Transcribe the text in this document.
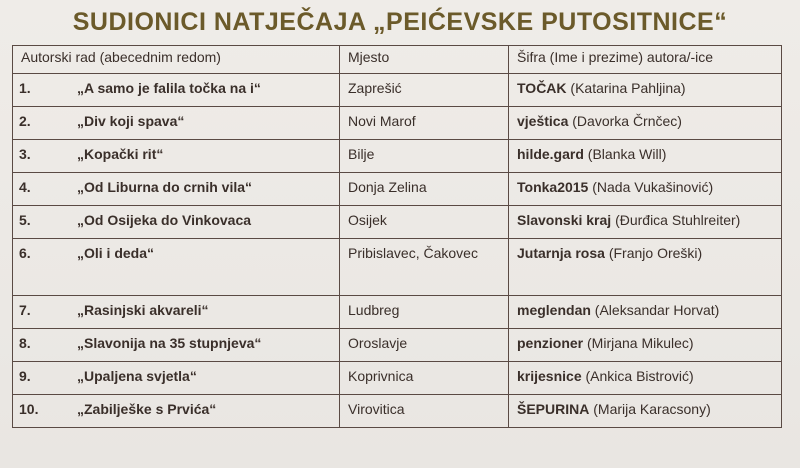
SUDIONICI NATJEČAJA „PEIĆEVSKE PUTOSITNICE“
Autorski rad (abecednim redom)	Mjesto	Šifra (Ime i prezime) autora/-ice
1. „A samo je falila točka na i“	Zaprešić	TOČAK (Katarina Pahljina)
2. „Div koji spava“	Novi Marof	vještica (Davorka Črnčec)
3. „Kopački rit“	Bilje	hilde.gard (Blanka Will)
4. „Od Liburna do crnih vila“	Donja Zelina	Tonka2015 (Nada Vukašinović)
5. „Od Osijeka do Vinkovaca	Osijek	Slavonski kraj (Đurđica Stuhlreiter)
6. „Oli i deda“	Pribislavec, Čakovec	Jutarnja rosa (Franjo Oreški)
7. „Rasinjski akvareli“	Ludbreg	meglendan (Aleksandar Horvat)
8. „Slavonija na 35 stupnjeva“	Oroslavje	penzioner (Mirjana Mikulec)
9. „Upaljena svjetla“	Koprivnica	krijesnice (Ankica Bistrović)
10. „Zabilješke s Prvića“	Virovitica	ŠEPURINA (Marija Karacsony)
